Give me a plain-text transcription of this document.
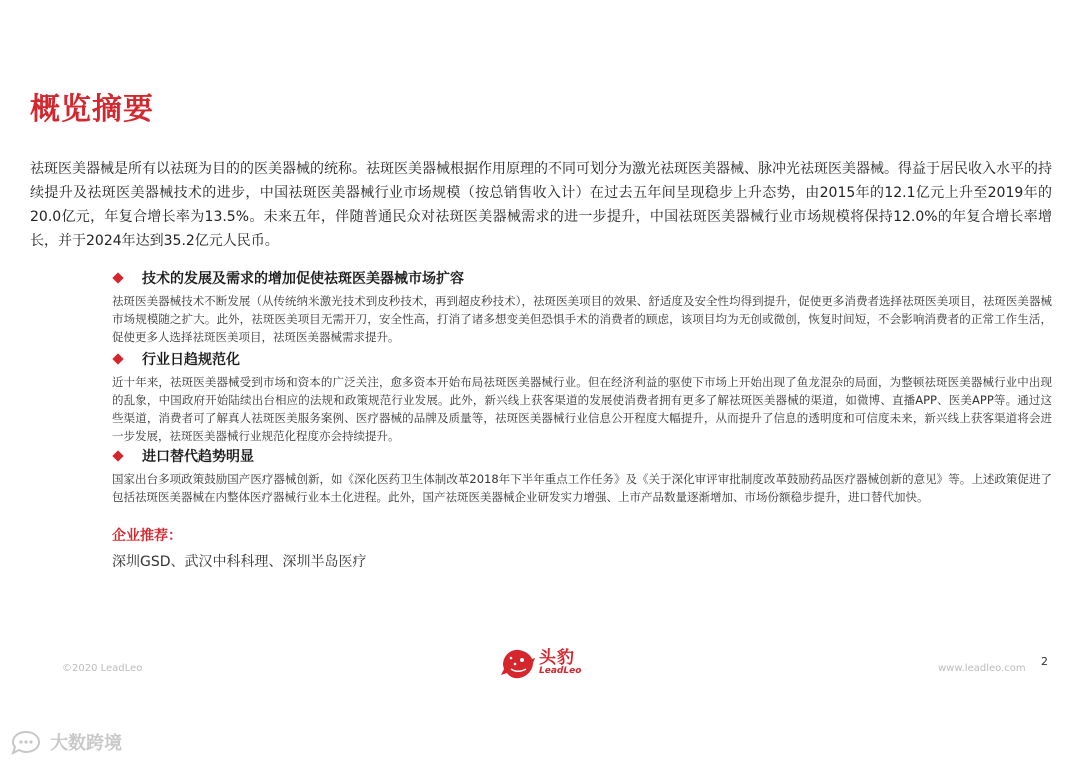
概览摘要
祛斑医美器械是所有以祛斑为目的的医美器械的统称。祛斑医美器械根据作用原理的不同可划分为激光祛斑医美器械、脉冲光祛斑医美器械。得益于居民收入水平的持续提升及祛斑医美器械技术的进步，中国祛斑医美器械行业市场规模（按总销售收入计）在过去五年间呈现稳步上升态势，由2015年的12.1亿元上升至2019年的20.0亿元，年复合增长率为13.5%。未来五年，伴随普通民众对祛斑医美器械需求的进一步提升，中国祛斑医美器械行业市场规模将保持12.0%的年复合增长率增长，并于2024年达到35.2亿元人民币。
技术的发展及需求的增加促使祛斑医美器械市场扩容
祛斑医美器械技术不断发展（从传统纳米激光技术到皮秒技术，再到超皮秒技术），祛斑医美项目的效果、舒适度及安全性均得到提升，促使更多消费者选择祛斑医美项目，祛斑医美器械市场规模随之扩大。此外，祛斑医美项目无需开刀，安全性高，打消了诸多想变美但恐惧手术的消费者的顾虑，该项目均为无创或微创，恢复时间短，不会影响消费者的正常工作生活，促使更多人选择祛斑医美项目，祛斑医美器械需求提升。
行业日趋规范化
近十年来，祛斑医美器械受到市场和资本的广泛关注，愈多资本开始布局祛斑医美器械行业。但在经济利益的驱使下市场上开始出现了鱼龙混杂的局面，为整顿祛斑医美器械行业中出现的乱象，中国政府开始陆续出台相应的法规和政策规范行业发展。此外，新兴线上获客渠道的发展使消费者拥有更多了解祛斑医美器械的渠道，如微博、直播APP、医美APP等。通过这些渠道，消费者可了解真人祛斑医美服务案例、医疗器械的品牌及质量等，祛斑医美器械行业信息公开程度大幅提升，从而提升了信息的透明度和可信度未来，新兴线上获客渠道将会进一步发展，祛斑医美器械行业规范化程度亦会持续提升。
进口替代趋势明显
国家出台多项政策鼓励国产医疗器械创新，如《深化医药卫生体制改革2018年下半年重点工作任务》及《关于深化审评审批制度改革鼓励药品医疗器械创新的意见》等。上述政策促进了包括祛斑医美器械在内整体医疗器械行业本土化进程。此外，国产祛斑医美器械企业研发实力增强、上市产品数量逐渐增加、市场份额稳步提升，进口替代加快。
企业推荐：
深圳GSD、武汉中科科理、深圳半岛医疗
©2020 LeadLeo
头豹
LeadLeo	www.leadleo.com
2
大数跨境
